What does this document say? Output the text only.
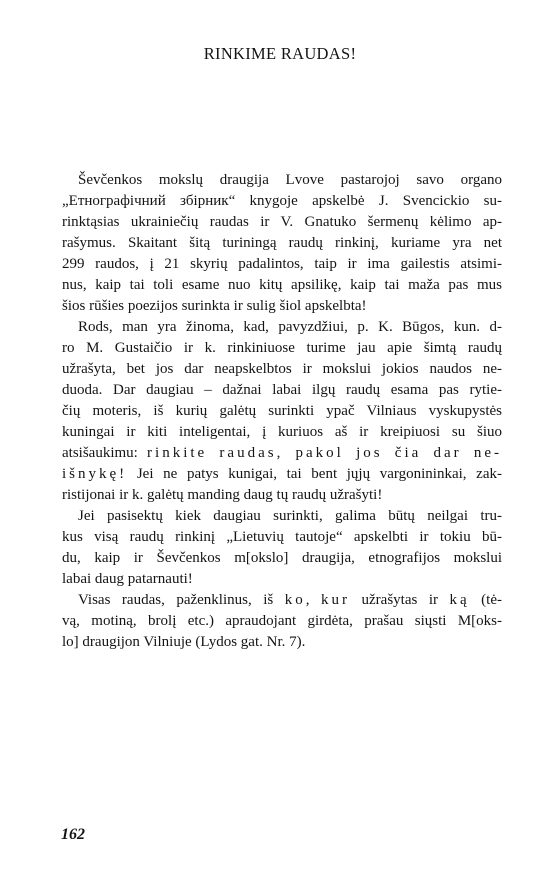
RINKIME RAUDAS!

Ševčenkos mokslų draugija Lvove pastarojoj savo organo
„Етнографічний збірник“ knygoje apskelbė J. Svencickio su-
rinktąsias ukrainiečių raudas ir V. Gnatuko šermenų kėlimo ap-
rašymus. Skaitant šitą turiningą raudų rinkinį, kuriame yra net
299 raudos, į 21 skyrių padalintos, taip ir ima gailestis atsimi-
nus, kaip tai toli esame nuo kitų apsilikę, kaip tai maža pas mus
šios rūšies poezijos surinkta ir sulig šiol apskelbta!

Rods, man yra žinoma, kad, pavyzdžiui, p. K. Būgos, kun. d-
ro M. Gustaičio ir k. rinkiniuose turime jau apie šimtą raudų
užrašyta, bet jos dar neapskelbtos ir mokslui jokios naudos ne-
duoda. Dar daugiau – dažnai labai ilgų raudų esama pas rytie-
čių moteris, iš kurių galėtų surinkti ypač Vilniaus vyskupystės
kuningai ir kiti inteligentai, į kuriuos aš ir kreipiuosi su šiuo
atsišaukimu: rinkite raudas, pakol jos čia dar ne-
išnykę! Jei ne patys kunigai, tai bent jųjų vargonininkai, zak-
ristijonai ir k. galėtų manding daug tų raudų užrašyti!

Jei pasisektų kiek daugiau surinkti, galima būtų neilgai tru-
kus visą raudų rinkinį „Lietuvių tautoje“ apskelbti ir tokiu bū-
du, kaip ir Ševčenkos m[okslo] draugija, etnografijos mokslui
labai daug patarnauti!

Visas raudas, paženklinus, iš ko, kur užrašytas ir ką (tė-
vą, motiną, brolį etc.) apraudojant girdėta, prašau siųsti M[oks-
lo] draugijon Vilniuje (Lydos gat. Nr. 7).

162
